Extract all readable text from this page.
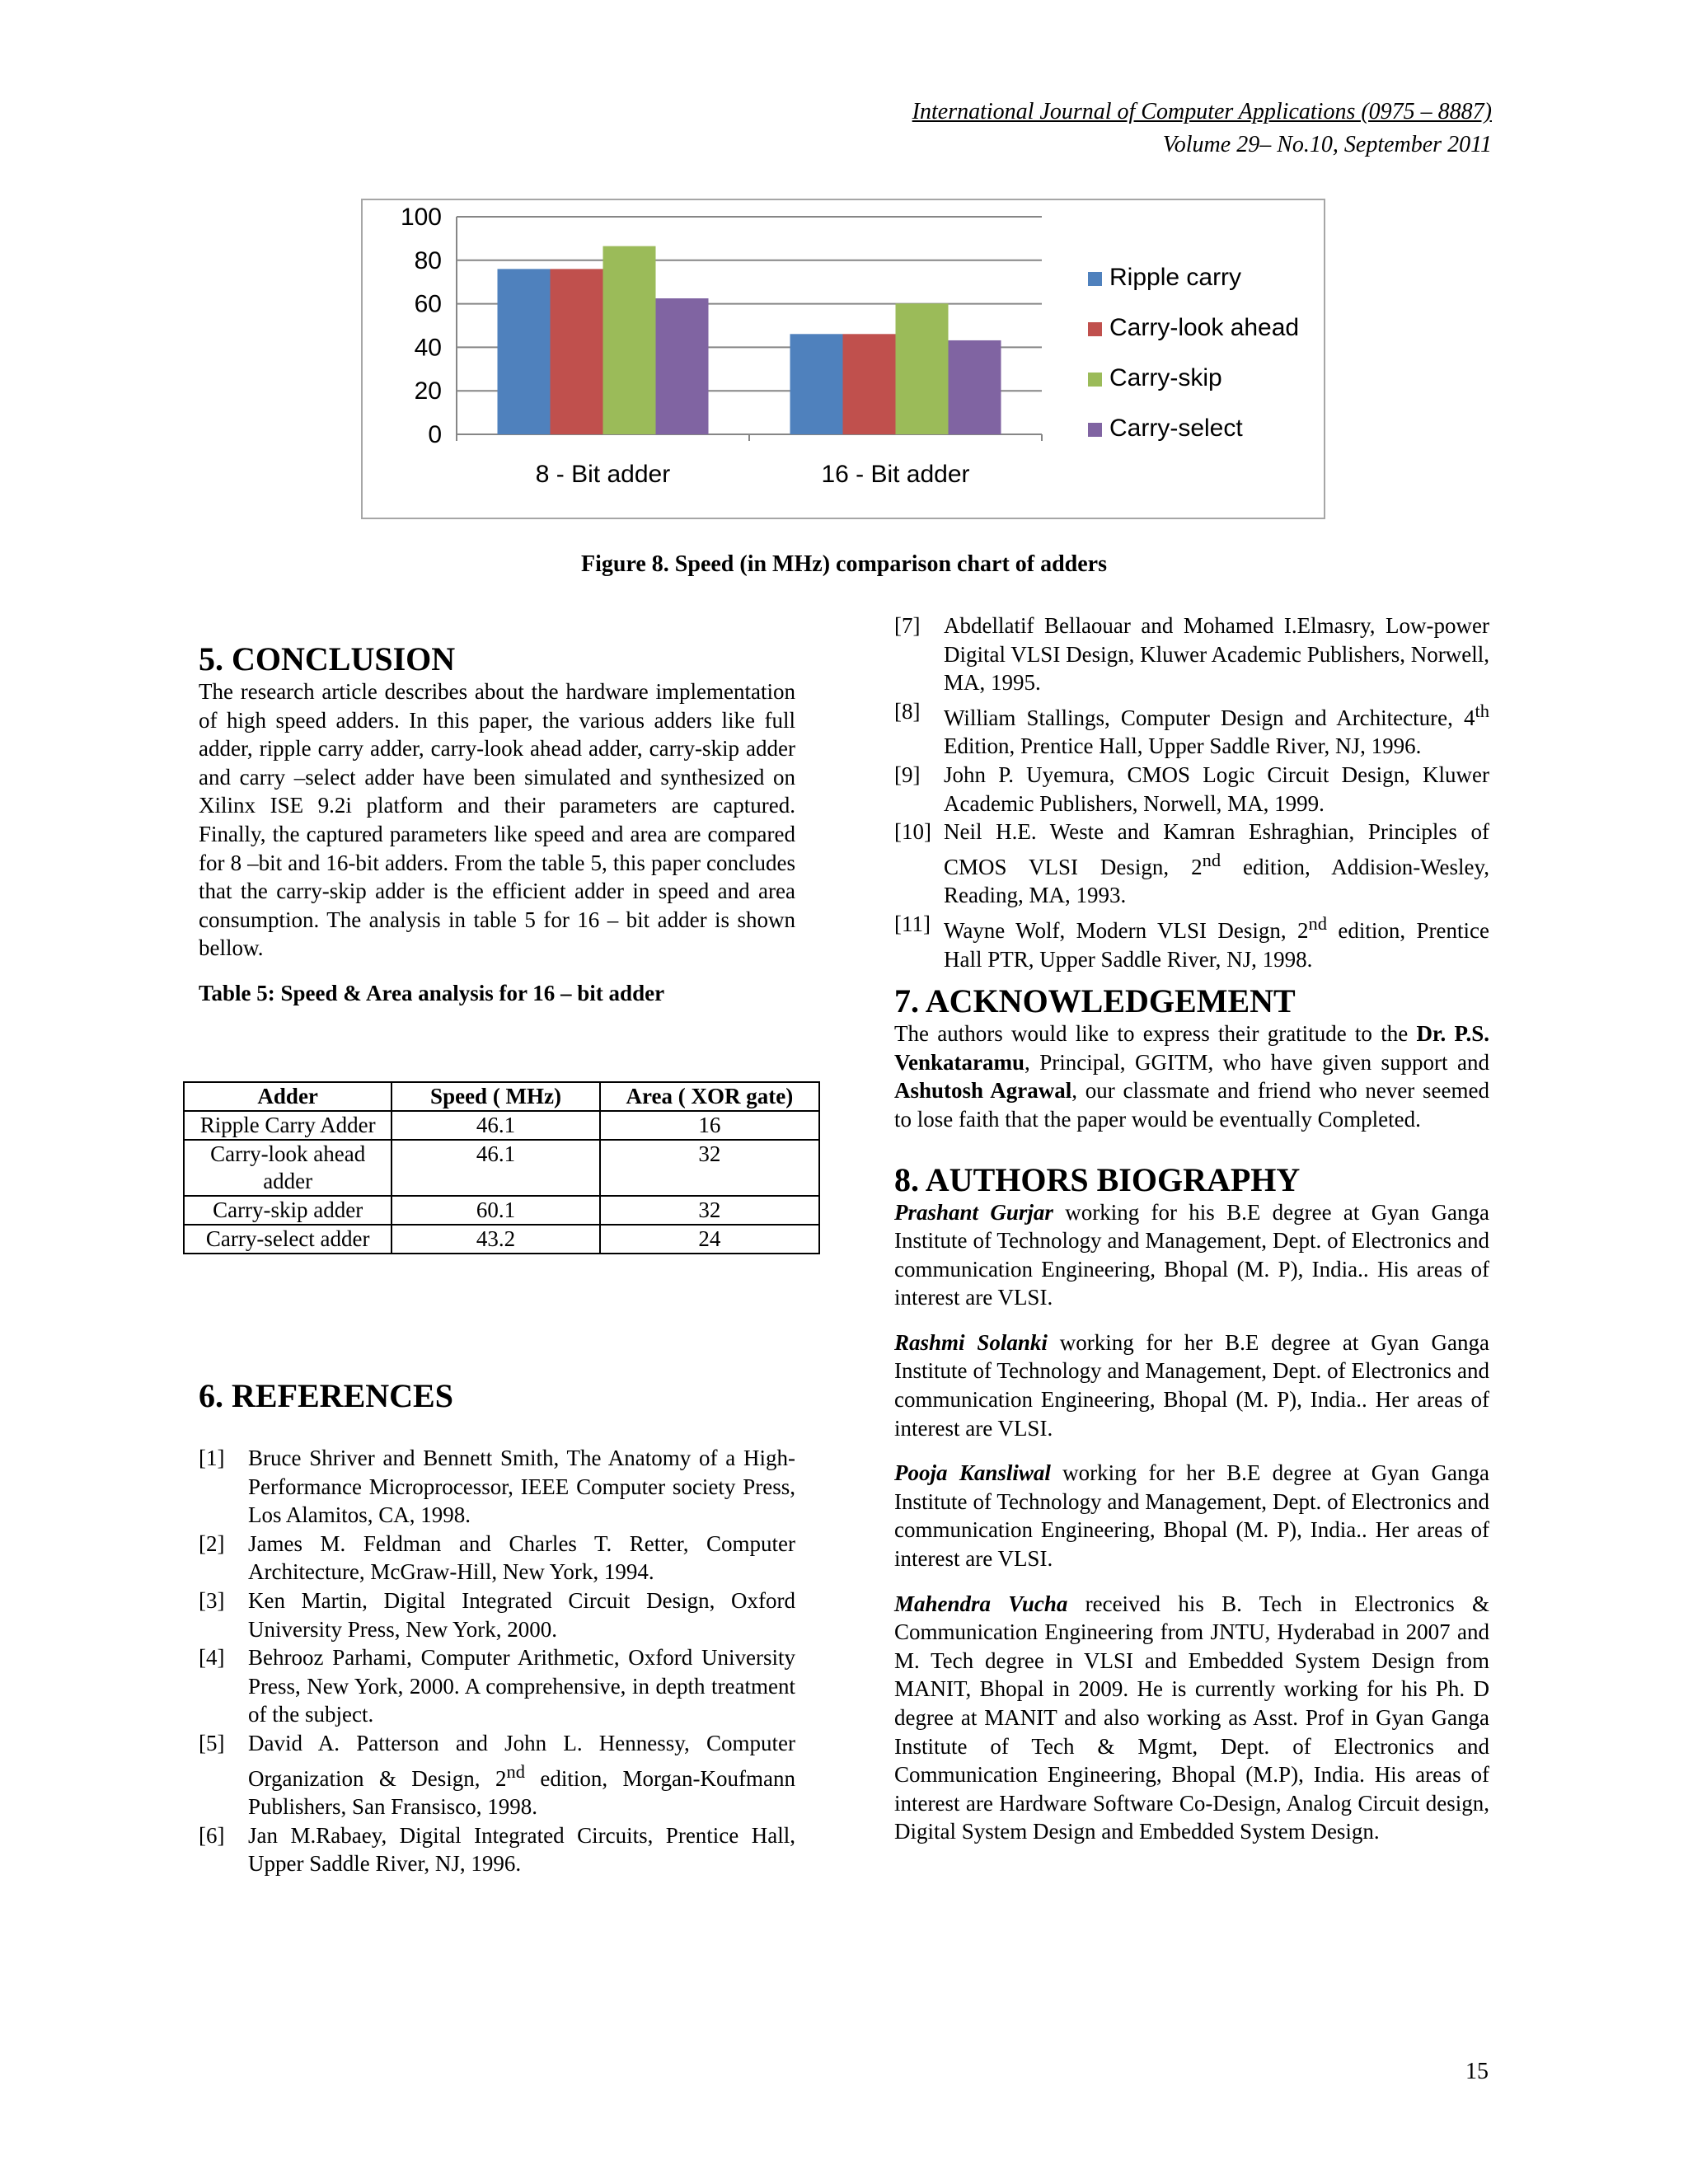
International Journal of Computer Applications (0975 – 8887)
Volume 29– No.10, September 2011
0
20
40
60
80
100
8 - Bit adder	16 - Bit adder
Ripple carry
Carry-look ahead
Carry-skip
Carry-select
Figure 8. Speed (in MHz) comparison chart of adders
5. CONCLUSION

The research article describes about the hardware implementation of high speed adders. In this paper, the various adders like full adder, ripple carry adder, carry-look ahead adder, carry-skip adder and carry –select adder have been simulated and synthesized on Xilinx ISE 9.2i platform and their parameters are captured. Finally, the captured parameters like speed and area are compared for 8 –bit and 16-bit adders. From the table 5, this paper concludes that the carry-skip adder is the efficient adder in speed and area consumption. The analysis in table 5 for 16 – bit adder is shown bellow.

Table 5: Speed & Area analysis for 16 – bit adder

Adder	Speed ( MHz)	Area ( XOR gate)
Ripple Carry Adder	46.1	16
Carry-look ahead adder	46.1	32
Carry-skip adder	60.1	32
Carry-select adder	43.2	24
6. REFERENCES

[1] Bruce Shriver and Bennett Smith, The Anatomy of a High- Performance Microprocessor, IEEE Computer society Press, Los Alamitos, CA, 1998.

[2] James M. Feldman and Charles T. Retter, Computer Architecture, McGraw-Hill, New York, 1994.

[3] Ken Martin, Digital Integrated Circuit Design, Oxford University Press, New York, 2000.

[4] Behrooz Parhami, Computer Arithmetic, Oxford University Press, New York, 2000. A comprehensive, in depth treatment of the subject.

[5] David A. Patterson and John L. Hennessy, Computer Organization & Design, 2nd edition, Morgan-Koufmann Publishers, San Fransisco, 1998.

[6] Jan M.Rabaey, Digital Integrated Circuits, Prentice Hall, Upper Saddle River, NJ, 1996.

[7] Abdellatif Bellaouar and Mohamed I.Elmasry, Low-power Digital VLSI Design, Kluwer Academic Publishers, Norwell, MA, 1995.

[8] William Stallings, Computer Design and Architecture, 4th Edition, Prentice Hall, Upper Saddle River, NJ, 1996.

[9] John P. Uyemura, CMOS Logic Circuit Design, Kluwer Academic Publishers, Norwell, MA, 1999.

[10] Neil H.E. Weste and Kamran Eshraghian, Principles of CMOS VLSI Design, 2nd edition, Addision-Wesley, Reading, MA, 1993.

[11] Wayne Wolf, Modern VLSI Design, 2nd edition, Prentice Hall PTR, Upper Saddle River, NJ, 1998.

7. ACKNOWLEDGEMENT

The authors would like to express their gratitude to the Dr. P.S. Venkataramu, Principal, GGITM, who have given support and Ashutosh Agrawal, our classmate and friend who never seemed to lose faith that the paper would be eventually Completed.

8. AUTHORS BIOGRAPHY

Prashant Gurjar working for his B.E degree at Gyan Ganga Institute of Technology and Management, Dept. of Electronics and communication Engineering, Bhopal (M. P), India.. His areas of interest are VLSI.

Rashmi Solanki working for her B.E degree at Gyan Ganga Institute of Technology and Management, Dept. of Electronics and communication Engineering, Bhopal (M. P), India.. Her areas of interest are VLSI.

Pooja Kansliwal working for her B.E degree at Gyan Ganga Institute of Technology and Management, Dept. of Electronics and communication Engineering, Bhopal (M. P), India.. Her areas of interest are VLSI.

Mahendra Vucha received his B. Tech in Electronics & Communication Engineering from JNTU, Hyderabad in 2007 and M. Tech degree in VLSI and Embedded System Design from MANIT, Bhopal in 2009. He is currently working for his Ph. D degree at MANIT and also working as Asst. Prof in Gyan Ganga Institute of Tech & Mgmt, Dept. of Electronics and Communication Engineering, Bhopal (M.P), India. His areas of interest are Hardware Software Co-Design, Analog Circuit design, Digital System Design and Embedded System Design.

15
